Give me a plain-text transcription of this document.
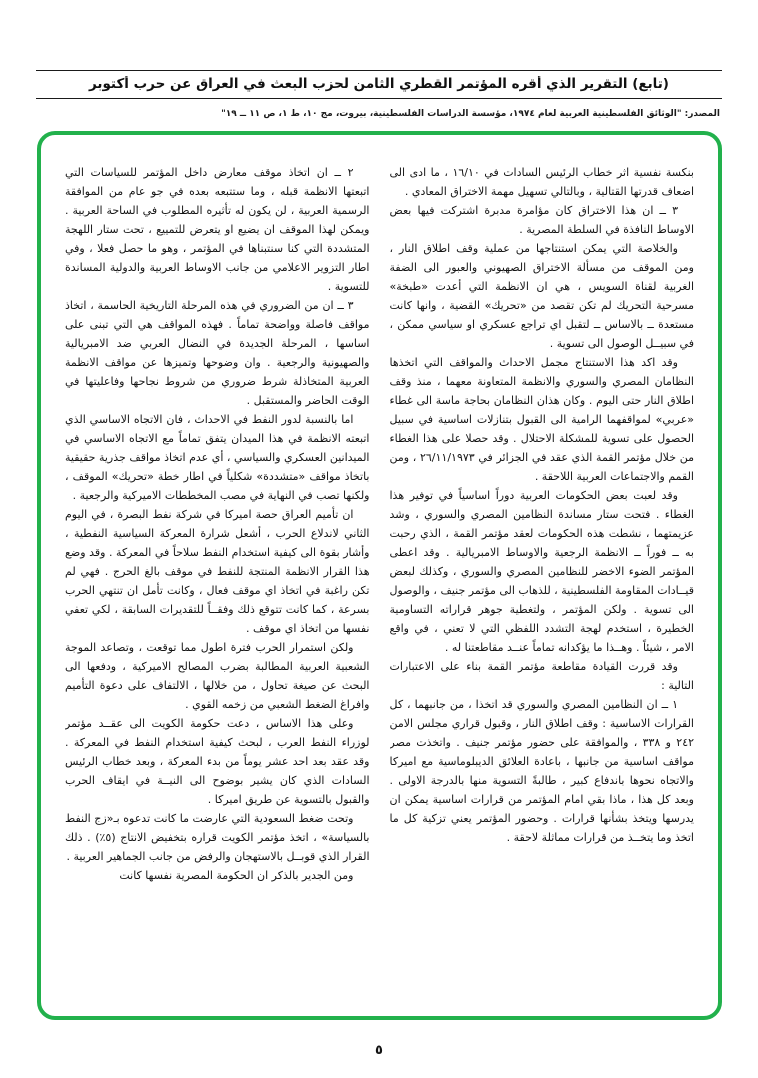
(تابع) التقرير الذي أقره المؤتمر القطري الثامن لحزب البعث في العراق عن حرب أكتوبر
المصدر: "الوثائق الفلسطينية العربية لعام ١٩٧٤، مؤسسة الدراسات الفلسطينية، بيروت، مج ١٠، ط ١، ص ١١ ــ ١٩"

بنكسة نفسية اثر خطاب الرئيس السادات في ١٦/١٠ ، ما ادى الى اضعاف قدرتها القتالية ، وبالتالي تسهيل مهمة الاختراق المعادي .

٣ ــ ان هذا الاختراق كان مؤامرة مدبرة اشتركت فيها بعض الاوساط النافذة في السلطة المصرية .

والخلاصة التي يمكن استنتاجها من عملية وقف اطلاق النار ، ومن الموقف من مسألة الاختراق الصهيوني والعبور الى الضفة الغربية لقناة السويس ، هي ان الانظمة التي أعدت «طبخة» مسرحية التحريك لم تكن تقصد من «تحريك» القضية ، وانها كانت مستعدة ــ بالاساس ــ لتقبل اي تراجع عسكري او سياسي ممكن ، في سبيــل الوصول الى تسوية .

وقد اكد هذا الاستنتاج مجمل الاحداث والمواقف التي اتخذها النظامان المصري والسوري والانظمة المتعاونة معهما ، منذ وقف اطلاق النار حتى اليوم . وكان هذان النظامان بحاجة ماسة الى غطاء «عربي» لمواقفهما الرامية الى القبول بتنازلات اساسية في سبيل الحصول على تسوية للمشكلة الاحتلال . وقد حصلا على هذا الغطاء من خلال مؤتمر القمة الذي عقد في الجزائر في ٢٦/١١/١٩٧٣ ، ومن القمم والاجتماعات العربية اللاحقة .

وقد لعبت بعض الحكومات العربية دوراً اساسياً في توفير هذا الغطاء . فتحت ستار مساندة النظامين المصري والسوري ، وشد عزيمتهما ، نشطت هذه الحكومات لعقد مؤتمر القمة ، الذي رحبت به ــ فوراً ــ الانظمة الرجعية والاوساط الامبريالية . وقد اعطى المؤتمر الضوء الاخضر للنظامين المصري والسوري ، وكذلك لبعض قيــادات المقاومة الفلسطينية ، للذهاب الى مؤتمر جنيف ، والوصول الى تسوية . ولكن المؤتمر ، ولتغطية جوهر قراراته التساومية الخطيرة ، استخدم لهجة التشدد اللفظي التي لا تعني ، في واقع الامر ، شيئاً . وهــذا ما يؤكدانه تماماً عنــد مقاطعتنا له .

وقد قررت القيادة مقاطعة مؤتمر القمة بناء على الاعتبارات التالية :

١ ــ ان النظامين المصري والسوري قد اتخذا ، من جانبهما ، كل القرارات الاساسية : وقف اطلاق النار ، وقبول قراري مجلس الامن ٢٤٢ و ٣٣٨ ، والموافقة على حضور مؤتمر جنيف . واتخذت مصر مواقف اساسية من جانبها ، باعادة العلائق الديبلوماسية مع اميركا والاتجاه نحوها باندفاع كبير ، طالبةً التسوية منها بالدرجة الاولى . وبعد كل هذا ، ماذا بقي امام المؤتمر من قرارات اساسية يمكن ان يدرسها ويتخذ بشأنها قرارات . وحضور المؤتمر يعني تزكية كل ما اتخذ وما يتخــذ من قرارات مماثلة لاحقة .

٢ ــ ان اتخاذ موقف معارض داخل المؤتمر للسياسات التي اتبعتها الانظمة قبله ، وما ستتبعه بعده في جو عام من الموافقة الرسمية العربية ، لن يكون له تأثيره المطلوب في الساحة العربية . ويمكن لهذا الموقف ان يضيع او يتعرض للتمييع ، تحت ستار اللهجة المتشددة التي كنا سنتبناها في المؤتمر ، وهو ما حصل فعلا ، وفي اطار التزوير الاعلامي من جانب الاوساط العربية والدولية المساندة للتسوية .

٣ ــ ان من الضروري في هذه المرحلة التاريخية الحاسمة ، اتخاذ مواقف فاصلة وواضحة تماماً . فهذه المواقف هي التي تبنى على اساسها ، المرحلة الجديدة في النضال العربي ضد الامبريالية والصهيونية والرجعية . وان وضوحها وتميزها عن مواقف الانظمة العربية المتخاذلة شرط ضروري من شروط نجاحها وفاعليتها في الوقت الحاضر والمستقبل .

اما بالنسبة لدور النفط في الاحداث ، فان الاتجاه الاساسي الذي اتبعته الانظمة في هذا الميدان يتفق تماماً مع الاتجاه الاساسي في الميدانين العسكري والسياسي ، أي عدم اتخاذ مواقف جذرية حقيقية باتخاذ مواقف «متشددة» شكلياً في اطار خطة «تحريك» الموقف ، ولكنها تصب في النهاية في مصب المخططات الاميركية والرجعية .

ان تأميم العراق حصة اميركا في شركة نفط البصرة ، في اليوم الثاني لاندلاع الحرب ، أشعل شرارة المعركة السياسية النفطية ، وأشار بقوة الى كيفية استخدام النفط سلاحاً في المعركة . وقد وضع هذا القرار الانظمة المنتجة للنفط في موقف بالغ الحرج . فهي لم تكن راغبة في اتخاذ اي موقف فعال ، وكانت تأمل ان تنتهي الحرب بسرعة ، كما كانت تتوقع ذلك وفقــاً للتقديرات السابقة ، لكي تعفي نفسها من اتخاذ اي موقف .

ولكن استمرار الحرب فترة اطول مما توقعت ، وتصاعد الموجة الشعبية العربية المطالبة بضرب المصالح الاميركية ، ودفعها الى البحث عن صيغة تحاول ، من خلالها ، الالتفاف على دعوة التأميم وافراغ الضغط الشعبي من زخمه القوي .

وعلى هذا الاساس ، دعت حكومة الكويت الى عقــد مؤتمر لوزراء النفط العرب ، لبحث كيفية استخدام النفط في المعركة . وقد عقد بعد احد عشر يوماً من بدء المعركة ، وبعد خطاب الرئيس السادات الذي كان يشير بوضوح الى النيــة في ايقاف الحرب والقبول بالتسوية عن طريق اميركا .

وتحت ضغط السعودية التي عارضت ما كانت تدعوه بـ«زج النفط بالسياسة» ، اتخذ مؤتمر الكويت قراره بتخفيض الانتاج (٥٪) . ذلك القرار الذي قوبــل بالاستهجان والرفض من جانب الجماهير العربية .

ومن الجدير بالذكر ان الحكومة المصرية نفسها كانت

٥
